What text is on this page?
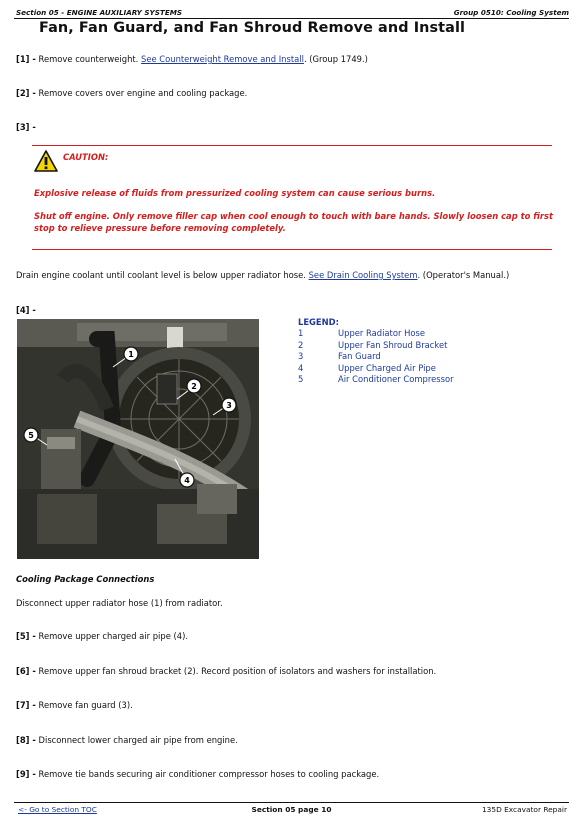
Section 05 - ENGINE AUXILIARY SYSTEMS	Group 0510: Cooling System
Fan, Fan Guard, and Fan Shroud Remove and Install
[1] - Remove counterweight. See Counterweight Remove and Install. (Group 1749.)
[2] - Remove covers over engine and cooling package.
[3] -
CAUTION:
Explosive release of fluids from pressurized cooling system can cause serious burns.
Shut off engine. Only remove filler cap when cool enough to touch with bare hands. Slowly loosen cap to first stop to relieve pressure before removing completely.
Drain engine coolant until coolant level is below upper radiator hose. See Drain Cooling System. (Operator's Manual.)
[4] -
1
2
3
4
5
LEGEND:
1	Upper Radiator Hose
2	Upper Fan Shroud Bracket
3	Fan Guard
4	Upper Charged Air Pipe
5	Air Conditioner Compressor
Cooling Package Connections
Disconnect upper radiator hose (1) from radiator.
[5] - Remove upper charged air pipe (4).
[6] - Remove upper fan shroud bracket (2). Record position of isolators and washers for installation.
[7] - Remove fan guard (3).
[8] - Disconnect lower charged air pipe from engine.
[9] - Remove tie bands securing air conditioner compressor hoses to cooling package.
<- Go to Section TOC	Section 05 page 10	135D Excavator Repair
